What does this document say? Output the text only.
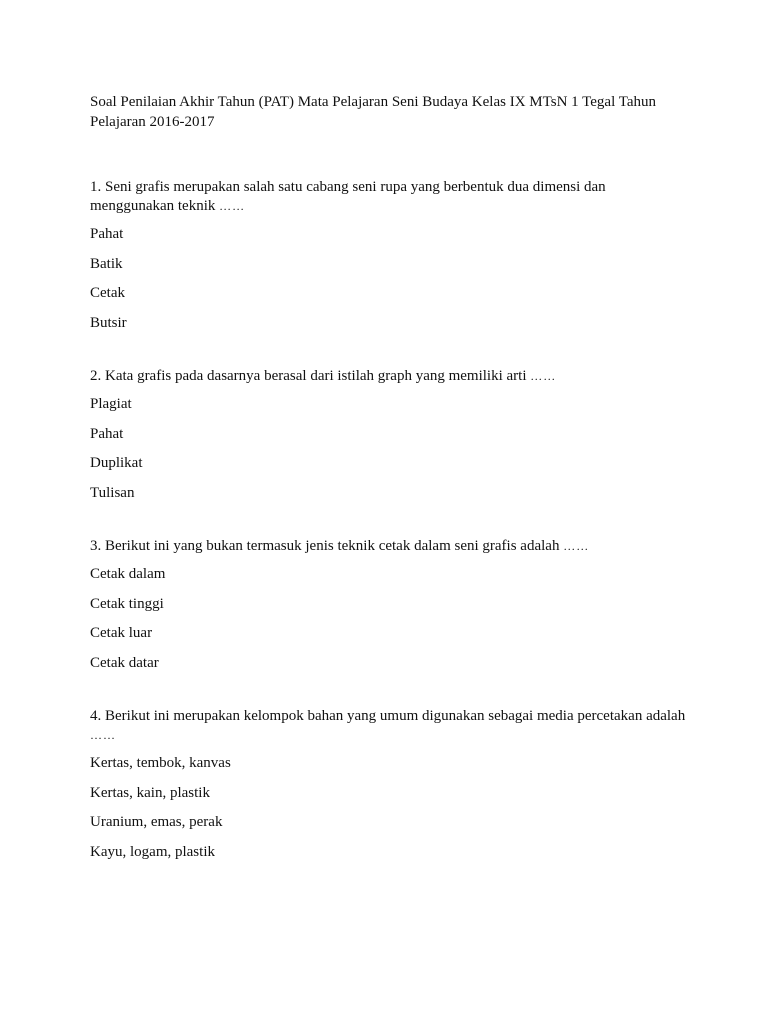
Soal Penilaian Akhir Tahun (PAT) Mata Pelajaran Seni Budaya Kelas IX MTsN 1 Tegal Tahun Pelajaran 2016-2017

1. Seni grafis merupakan salah satu cabang seni rupa yang berbentuk dua dimensi dan menggunakan teknik ……

Pahat
Batik
Cetak
Butsir

2. Kata grafis pada dasarnya berasal dari istilah graph yang memiliki arti ……

Plagiat
Pahat
Duplikat
Tulisan

3. Berikut ini yang bukan termasuk jenis teknik cetak dalam seni grafis adalah ……

Cetak dalam
Cetak tinggi
Cetak luar
Cetak datar

4. Berikut ini merupakan kelompok bahan yang umum digunakan sebagai media percetakan adalah ……

Kertas, tembok, kanvas
Kertas, kain, plastik
Uranium, emas, perak
Kayu, logam, plastik
